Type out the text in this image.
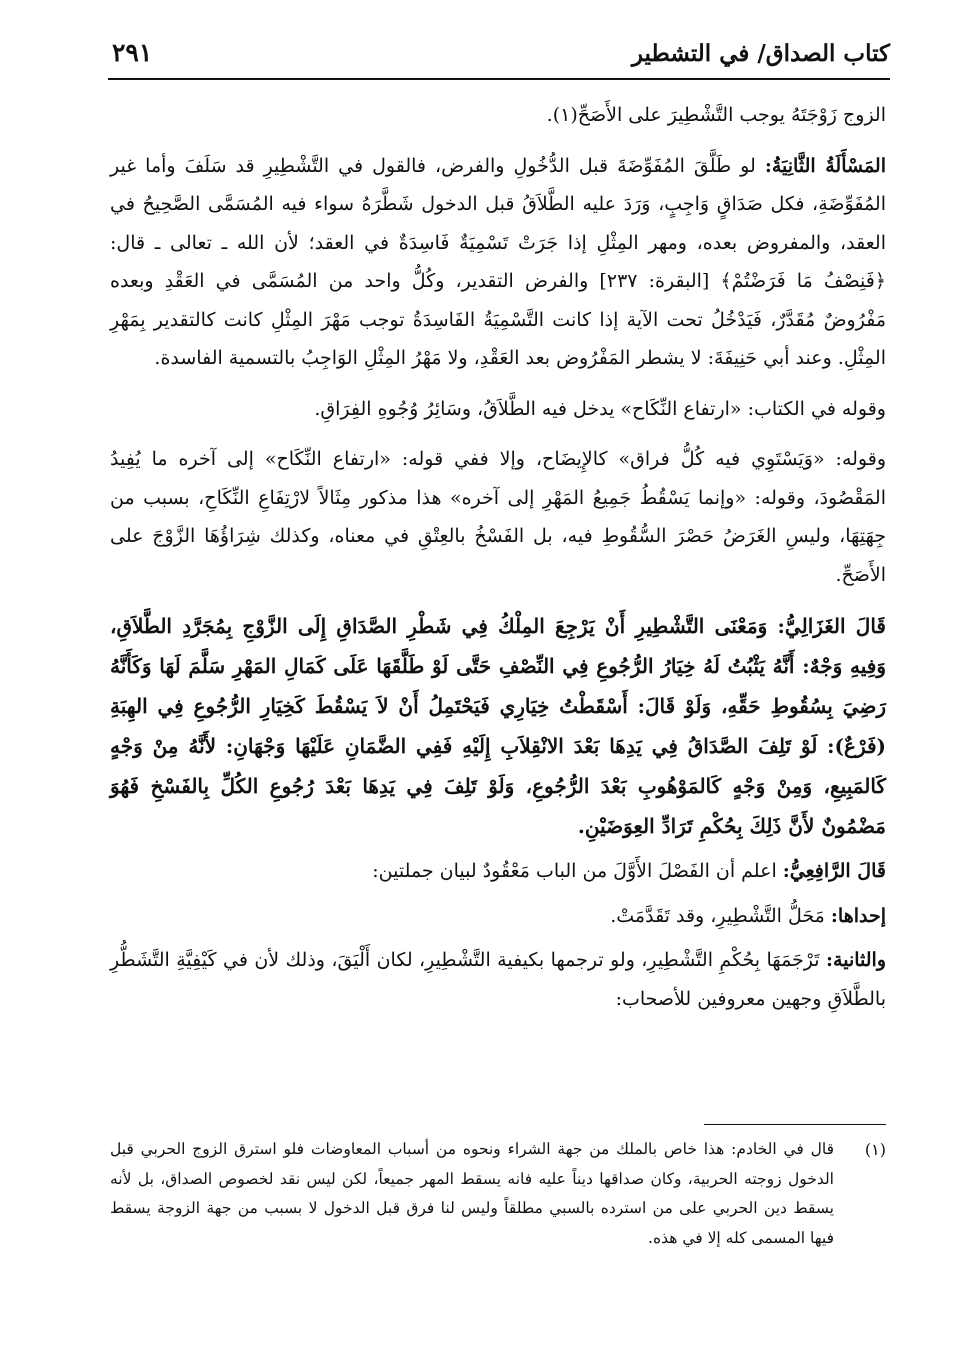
كتاب الصداق/ في التشطير
٢٩١

الزوج زَوْجَتَهُ يوجب التَّشْطِيرَ على الأَصَحِّ(١).

المَسْأَلَةُ الثَّانِيَةُ: لو طَلَّقَ المُفَوِّضَةَ قبل الدُّخُولِ والفرض، فالقول في التَّشْطِيرِ قد سَلَفَ وأما غير المُفَوِّضَةِ، فكل صَدَاقٍ وَاجِبٍ، وَرَدَ عليه الطَّلاَقُ قبل الدخول شَطَّرَهُ سواء فيه المُسَمَّى الصَّحِيحُ في العقد، والمفروض بعده، ومهر المِثْلِ إذا جَرَتْ تَسْمِيَةٌ فَاسِدَةٌ في العقد؛ لأن الله ـ تعالى ـ قال: ﴿فَنِصْفُ مَا فَرَضْتُمْ﴾ [البقرة: ٢٣٧] والفرض التقدير، وكُلُّ واحد من المُسَمَّى في العَقْدِ وبعده مَفْرُوضٌ مُقَدَّرٌ، فَيَدْخُلُ تحت الآية إذا كانت التَّسْمِيَةُ الفَاسِدَةُ توجب مَهْرَ المِثْلِ كانت كالتقدير بِمَهْرِ المِثْلِ. وعند أبي حَنِيفَةَ: لا يشطر المَفْرُوض بعد العَقْدِ، ولا مَهْرُ المِثْلِ الوَاجِبُ بالتسمية الفاسدة.

وقوله في الكتاب: «ارتفاع النِّكَاح» يدخل فيه الطَّلاَقُ، وسَائِرُ وُجُوهِ الفِرَاقِ.

وقوله: «وَيَسْتَوِي فيه كُلُّ فراق» كالإِيضَاح، وإلا ففي قوله: «ارتفاع النِّكَاح» إلى آخره ما يُفِيدُ المَقْصُودَ، وقوله: «وإنما يَسْقُطُ جَمِيعُ المَهْرِ إلى آخره» هذا مذكور مِثَالاً لارْتِفَاعِ النِّكَاحِ، بسبب من جِهَتِهَا، وليسِ الغَرَضُ حَصْرَ السُّقُوطِ فيه، بل الفَسْخُ بالعِتْقِ في معناه، وكذلك شِرَاؤُهَا الزَّوْجَ على الأَصَحِّ.

قَالَ الغَزَالِيُّ: وَمَعْنَى التَّشْطِيرِ أَنْ يَرْجِعَ المِلْكُ فِي شَطْرِ الصَّدَاقِ إِلَى الزَّوْجِ بِمُجَرَّدِ الطَّلاَقِ، وَفِيهِ وَجْهٌ: أَنَّهُ يَثْبُتُ لَهُ خِيَارُ الرُّجُوعِ فِي النِّصْفِ حَتَّى لَوْ طَلَّقَهَا عَلَى كَمَالِ المَهْرِ سَلَّمَ لَهَا وَكَأَنَّهُ رَضِيَ بِسُقُوطِ حَقِّهِ، وَلَوْ قَالَ: أَسْقَطْتُ خِيَارِي فَيَحْتَمِلُ أَنْ لاَ يَسْقُطَ كَخِيَارِ الرُّجُوعِ فِي الهِبَةِ (فَرْعٌ): لَوْ تَلِفَ الصَّدَاقُ فِي يَدِهَا بَعْدَ الانْقِلاَبِ إِلَيْهِ فَفِي الضَّمَانِ عَلَيْهَا وَجْهَانِ: لأَنَّهُ مِنْ وَجْهٍ كَالمَبِيعِ، وَمِنْ وَجْهٍ كَالمَوْهُوبِ بَعْدَ الرُّجُوعِ، وَلَوْ تَلِفَ فِي يَدِهَا بَعْدَ رُجُوعِ الكُلِّ بِالفَسْخِ فَهُوَ مَضْمُونٌ لأَنَّ ذَلِكَ بِحُكْمِ تَرَادِّ العِوَضَيْنِ.

قَالَ الرَّافِعِيُّ: اعلم أن الفَصْلَ الأَوَّلَ من الباب مَعْقُودٌ لبيان جملتين:

إحداها: مَحَلُّ التَّشْطِيرِ، وقد تَقَدَّمَتْ.

والثانية: تَرْجَمَهَا بِحُكْمِ التَّشْطِيرِ، ولو ترجمها بكيفية التَّشْطِيرِ، لكان أَلْيَقَ، وذلك لأن في كَيْفِيَّةِ التَّشَطُّرِ بالطَّلاَقِ وجهين معروفين للأصحاب:

(١)

قال في الخادم: هذا خاص بالملك من جهة الشراء ونحوه من أسباب المعاوضات فلو استرق الزوج الحربي قبل الدخول زوجته الحربية، وكان صداقها ديناً عليه فانه يسقط المهر جميعاً، لكن ليس نقد لخصوص الصداق، بل لأنه يسقط دين الحربي على من استرده بالسبي مطلقاً وليس لنا فرق قبل الدخول لا بسبب من جهة الزوجة يسقط فيها المسمى كله إلا في هذه.
